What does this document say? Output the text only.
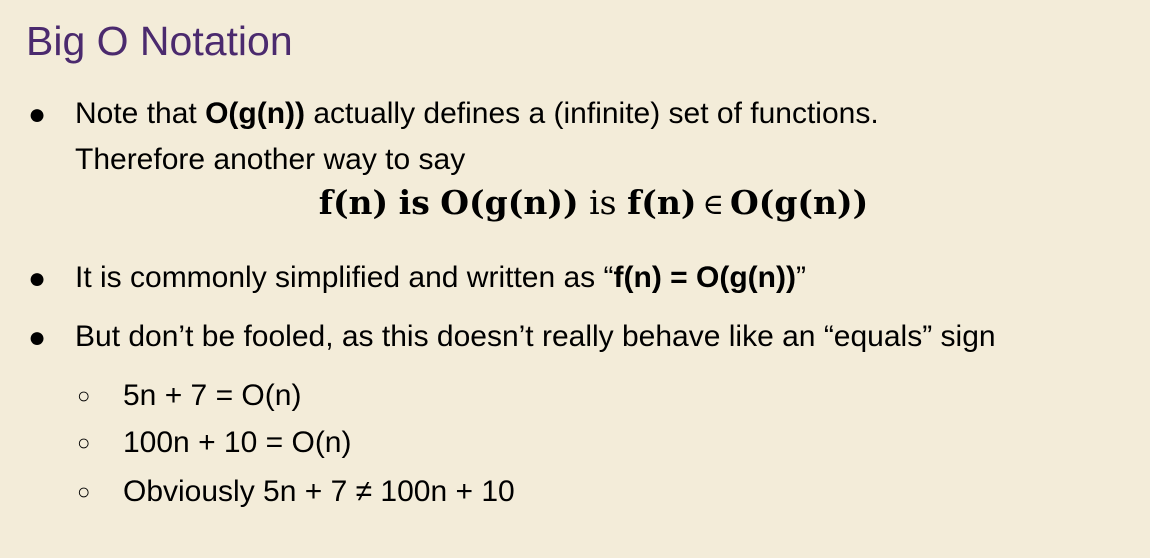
Big O Notation
● Note that O(g(n)) actually defines a (infinite) set of functions.
Therefore another way to say
f(n) is O(g(n)) is f(n) ∈ O(g(n))
● It is commonly simplified and written as “f(n) = O(g(n))”
● But don’t be fooled, as this doesn’t really behave like an “equals” sign
○ 5n + 7 = O(n)
○ 100n + 10 = O(n)
○ Obviously 5n + 7 ≠ 100n + 10
